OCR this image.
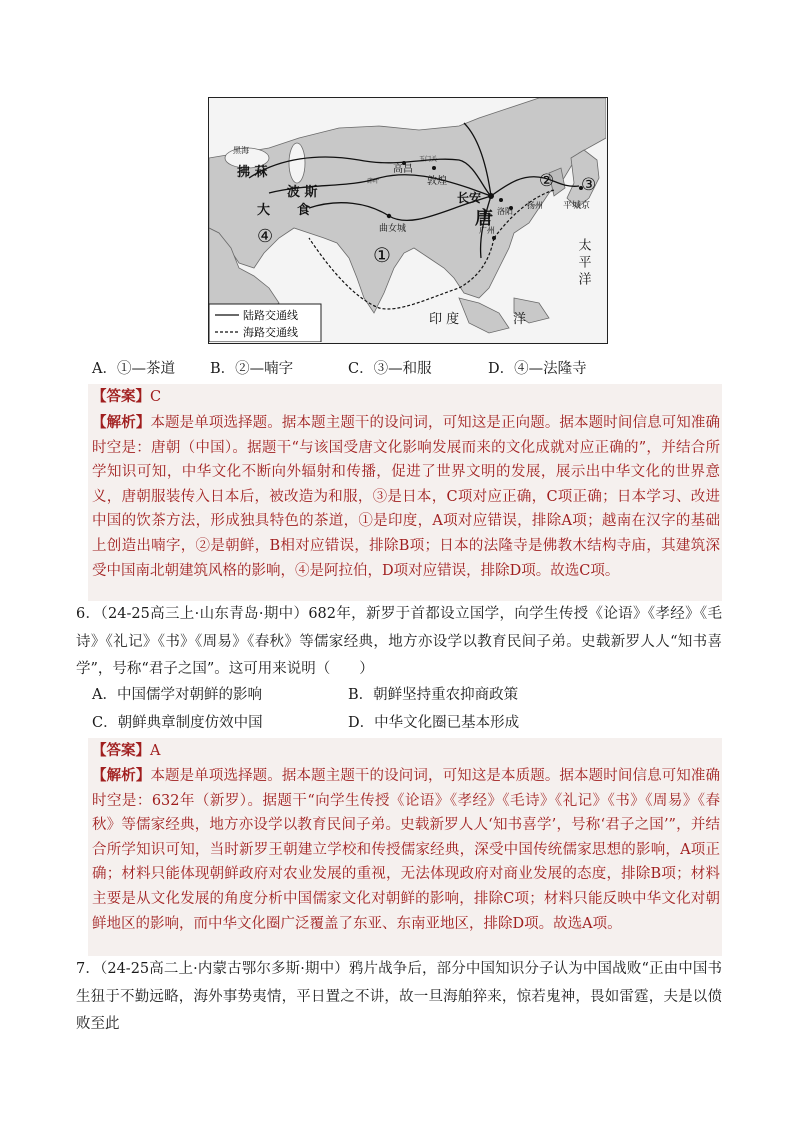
拂 菻
波 斯
食
大
黑海
高昌
敦煌
玉门关
碎叶
长安
唐 洛阳
扬州
广州
平城京
曲女城
太 平 洋
印 度	洋
①
② ③
④
陆路交通线
海路交通线
A．①—茶道 B．②—喃字	C．③—和服	D．④—法隆寺
【答案】C
【解析】本题是单项选择题。据本题主题干的设问词，可知这是正向题。据本题时间信息可知准确时空是：唐朝（中国）。据题干“与该国受唐文化影响发展而来的文化成就对应正确的”，并结合所学知识可知，中华文化不断向外辐射和传播，促进了世界文明的发展，展示出中华文化的世界意义，唐朝服装传入日本后，被改造为和服，③是日本，C项对应正确，C项正确；日本学习、改进中国的饮茶方法，形成独具特色的茶道，①是印度，A项对应错误，排除A项；越南在汉字的基础上创造出喃字，②是朝鲜，B相对应错误，排除B项；日本的法隆寺是佛教木结构寺庙，其建筑深受中国南北朝建筑风格的影响，④是阿拉伯，D项对应错误，排除D项。故选C项。
6．（24-25高三上·山东青岛·期中）682年，新罗于首都设立国学，向学生传授《论语》《孝经》《毛诗》《礼记》《书》《周易》《春秋》等儒家经典，地方亦设学以教育民间子弟。史载新罗人人“知书喜学”，号称“君子之国”。这可用来说明（　　）
A．中国儒学对朝鲜的影响	B．朝鲜坚持重农抑商政策
C．朝鲜典章制度仿效中国	D．中华文化圈已基本形成
【答案】A
【解析】本题是单项选择题。据本题主题干的设问词，可知这是本质题。据本题时间信息可知准确时空是：632年（新罗）。据题干“向学生传授《论语》《孝经》《毛诗》《礼记》《书》《周易》《春秋》等儒家经典，地方亦设学以教育民间子弟。史载新罗人人‘知书喜学’，号称‘君子之国’”，并结合所学知识可知，当时新罗王朝建立学校和传授儒家经典，深受中国传统儒家思想的影响，A项正确；材料只能体现朝鲜政府对农业发展的重视，无法体现政府对商业发展的态度，排除B项；材料主要是从文化发展的角度分析中国儒家文化对朝鲜的影响，排除C项；材料只能反映中华文化对朝鲜地区的影响，而中华文化圈广泛覆盖了东亚、东南亚地区，排除D项。故选A项。
7．（24-25高二上·内蒙古鄂尔多斯·期中）鸦片战争后，部分中国知识分子认为中国战败“正由中国书生狃于不勤远略，海外事势夷情，平日置之不讲，故一旦海舶猝来，惊若鬼神，畏如雷霆，夫是以偾败至此
